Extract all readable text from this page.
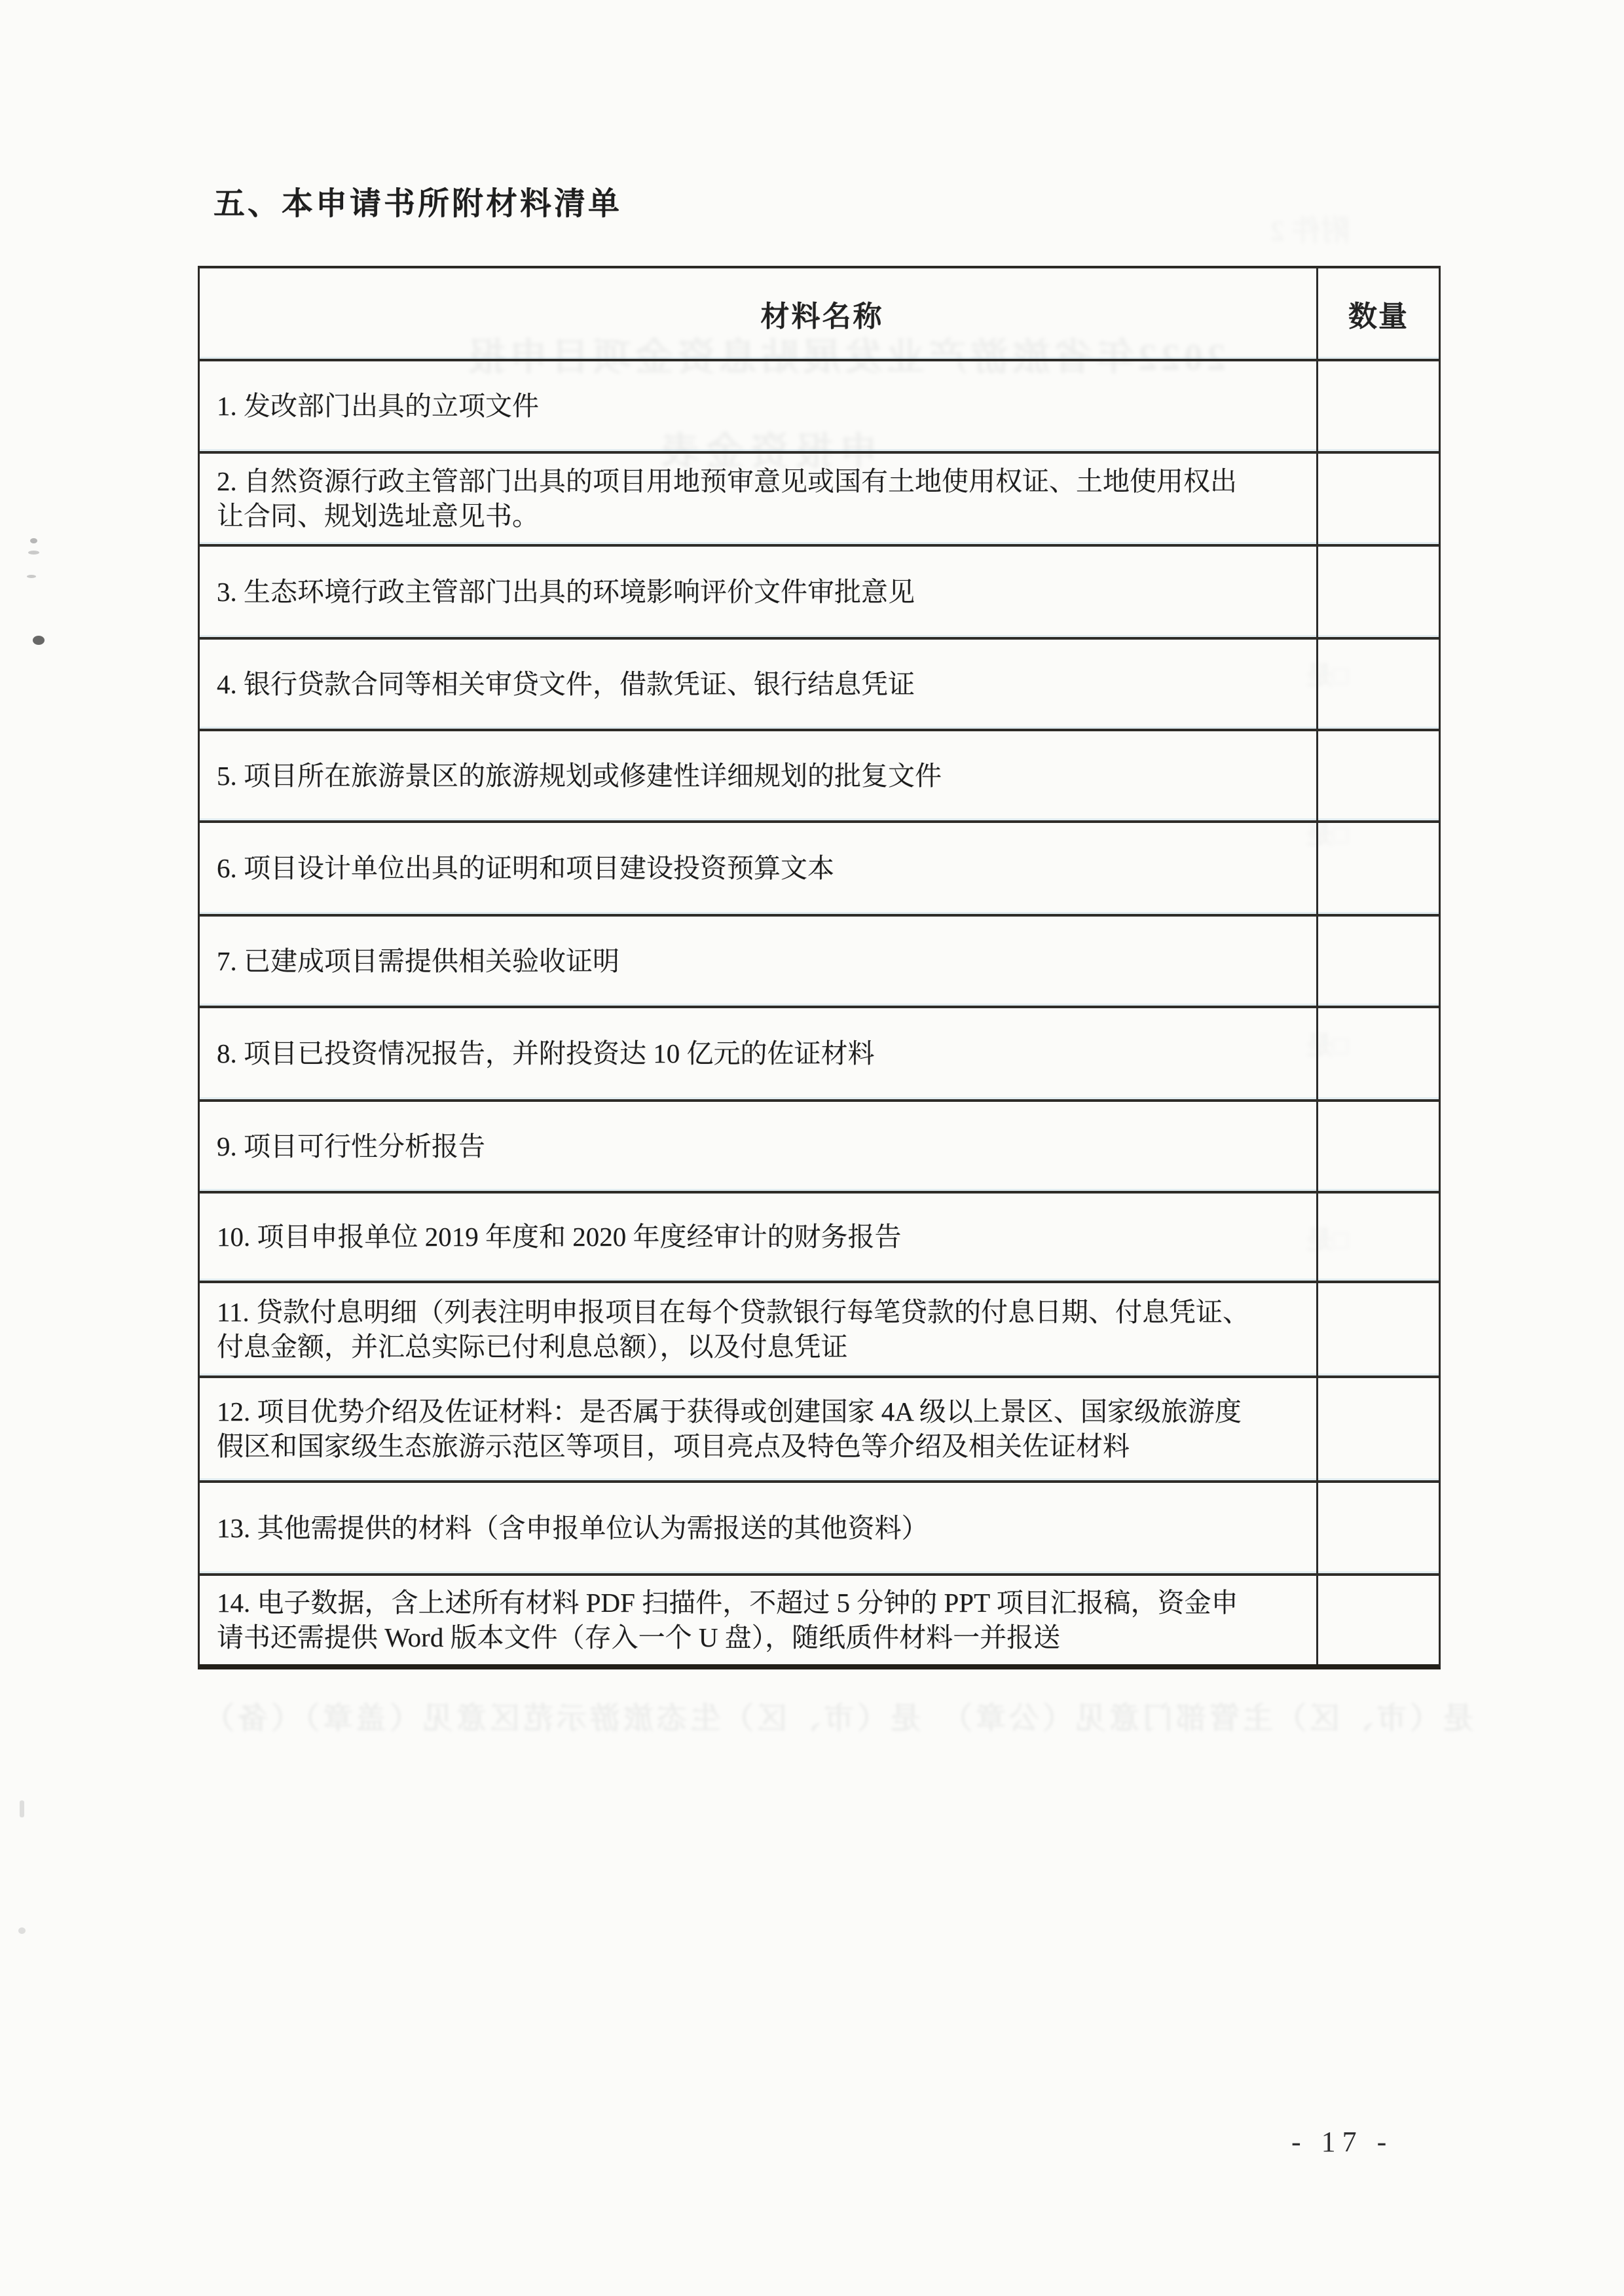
附件 2
2022年省旅游产业发展贴息资金项目申报
申报资金表
□是
□是
□是
□是
是（市、区）主管部门意见（公章）　是（市、区）生态旅游示范区意见（盖章）（备）
五、本申请书所附材料清单
材料名称	数量
1. 发改部门出具的立项文件
2. 自然资源行政主管部门出具的项目用地预审意见或国有土地使用权证、土地使用权出
让合同、规划选址意见书。
3. 生态环境行政主管部门出具的环境影响评价文件审批意见
4. 银行贷款合同等相关审贷文件，借款凭证、银行结息凭证
5. 项目所在旅游景区的旅游规划或修建性详细规划的批复文件
6. 项目设计单位出具的证明和项目建设投资预算文本
7. 已建成项目需提供相关验收证明
8. 项目已投资情况报告，并附投资达 10 亿元的佐证材料
9. 项目可行性分析报告
10. 项目申报单位 2019 年度和 2020 年度经审计的财务报告
11. 贷款付息明细（列表注明申报项目在每个贷款银行每笔贷款的付息日期、付息凭证、
付息金额，并汇总实际已付利息总额），以及付息凭证
12. 项目优势介绍及佐证材料：是否属于获得或创建国家 4A 级以上景区、国家级旅游度
假区和国家级生态旅游示范区等项目，项目亮点及特色等介绍及相关佐证材料
13. 其他需提供的材料（含申报单位认为需报送的其他资料）
14. 电子数据，含上述所有材料 PDF 扫描件，不超过 5 分钟的 PPT 项目汇报稿，资金申
请书还需提供 Word 版本文件（存入一个 U 盘），随纸质件材料一并报送
- 17 -
